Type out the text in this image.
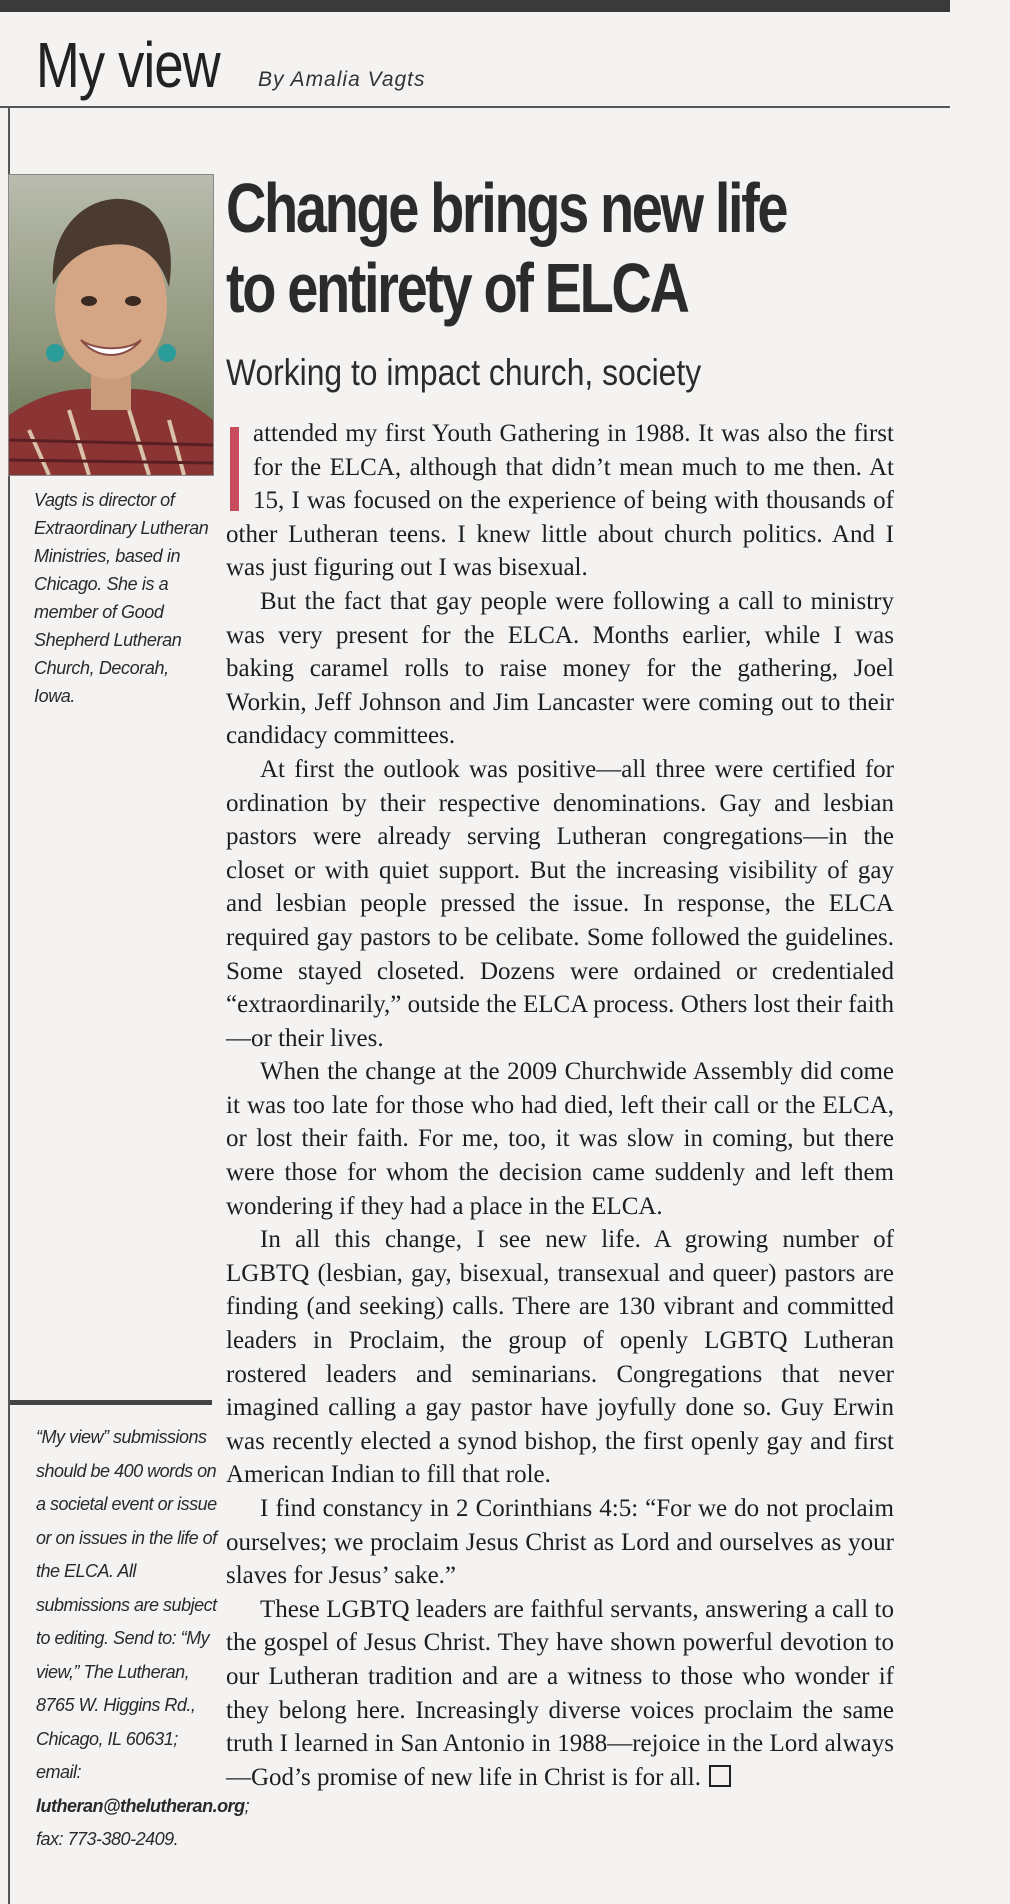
My view By Amalia Vagts
Vagts is director of Extraordinary Lutheran Ministries, based in Chicago. She is a member of Good Shepherd Lutheran Church, Decorah, Iowa.
“My view” submissions should be 400 words on a societal event or issue or on issues in the life of the ELCA. All submissions are subject to editing. Send to: “My view,” The Lutheran, 8765 W. Higgins Rd., Chicago, IL 60631; email: lutheran@thelutheran.org; fax: 773-380-2409.
Change brings new life to entirety of ELCA
Working to impact church, society

attended my first Youth Gathering in 1988. It was also the first for the ELCA, although that didn’t mean much to me then. At 15, I was focused on the experience of being with thousands of other Lutheran teens. I knew little about church politics. And I was just figuring out I was bisexual.

But the fact that gay people were following a call to ministry was very present for the ELCA. Months earlier, while I was baking caramel rolls to raise money for the gathering, Joel Workin, Jeff Johnson and Jim Lancaster were coming out to their candidacy committees.

At first the outlook was positive—all three were certified for ordination by their respective denominations. Gay and lesbian pastors were already serving Lutheran congregations—in the closet or with quiet support. But the increasing visibility of gay and lesbian people pressed the issue. In response, the ELCA required gay pastors to be celibate. Some followed the guidelines. Some stayed closeted. Dozens were ordained or credentialed “extraordinarily,” outside the ELCA process. Others lost their faith—or their lives.

When the change at the 2009 Churchwide Assembly did come it was too late for those who had died, left their call or the ELCA, or lost their faith. For me, too, it was slow in coming, but there were those for whom the decision came suddenly and left them wondering if they had a place in the ELCA.

In all this change, I see new life. A growing number of LGBTQ (lesbian, gay, bisexual, transexual and queer) pastors are finding (and seeking) calls. There are 130 vibrant and committed leaders in Proclaim, the group of openly LGBTQ Lutheran rostered leaders and seminarians. Congregations that never imagined calling a gay pastor have joyfully done so. Guy Erwin was recently elected a synod bishop, the first openly gay and first American Indian to fill that role.

I find constancy in 2 Corinthians 4:5: “For we do not proclaim ourselves; we proclaim Jesus Christ as Lord and ourselves as your slaves for Jesus’ sake.”

These LGBTQ leaders are faithful servants, answering a call to the gospel of Jesus Christ. They have shown powerful devotion to our Lutheran tradition and are a witness to those who wonder if they belong here. Increasingly diverse voices proclaim the same truth I learned in San Antonio in 1988—rejoice in the Lord always—God’s promise of new life in Christ is for all.
